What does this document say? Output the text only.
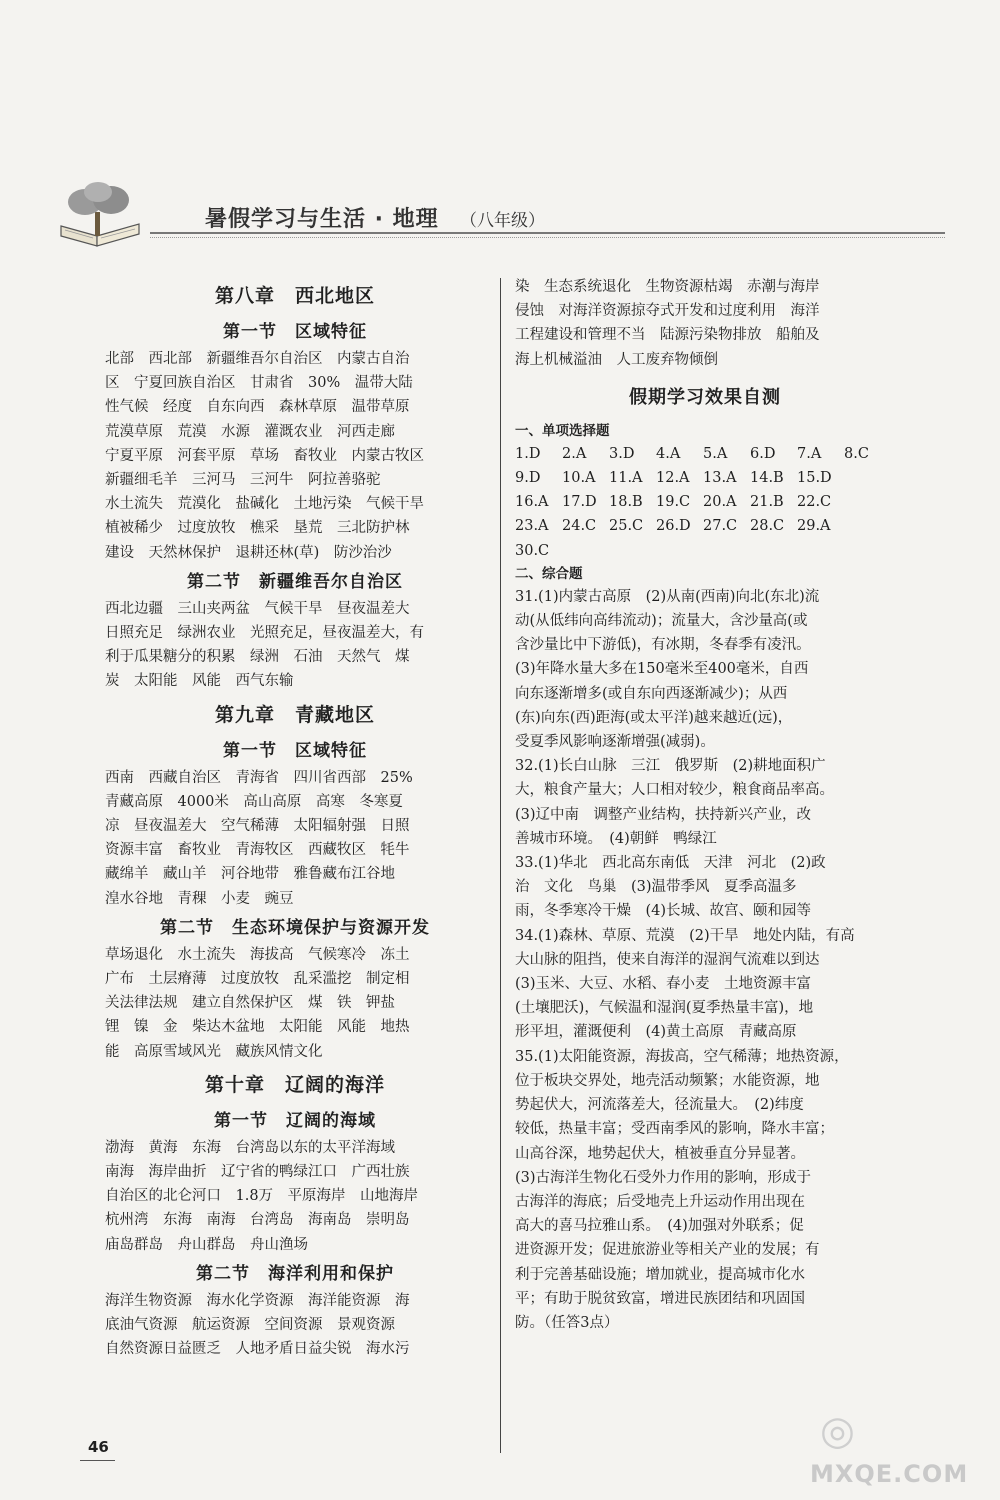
暑假学习与生活 · 地理 （八年级）
第八章　西北地区
第一节　区域特征
北部　西北部　新疆维吾尔自治区　内蒙古自治
区　宁夏回族自治区　甘肃省　30%　温带大陆
性气候　经度　自东向西　森林草原　温带草原
荒漠草原　荒漠　水源　灌溉农业　河西走廊
宁夏平原　河套平原　草场　畜牧业　内蒙古牧区
新疆细毛羊　三河马　三河牛　阿拉善骆驼
水土流失　荒漠化　盐碱化　土地污染　气候干旱
植被稀少　过度放牧　樵采　垦荒　三北防护林
建设　天然林保护　退耕还林(草)　防沙治沙
第二节　新疆维吾尔自治区
西北边疆　三山夹两盆　气候干旱　昼夜温差大
日照充足　绿洲农业　光照充足，昼夜温差大，有
利于瓜果糖分的积累　绿洲　石油　天然气　煤
炭　太阳能　风能　西气东输
第九章　青藏地区
第一节　区域特征
西南　西藏自治区　青海省　四川省西部　25%
青藏高原　4000米　高山高原　高寒　冬寒夏
凉　昼夜温差大　空气稀薄　太阳辐射强　日照
资源丰富　畜牧业　青海牧区　西藏牧区　牦牛
藏绵羊　藏山羊　河谷地带　雅鲁藏布江谷地
湟水谷地　青稞　小麦　豌豆
第二节　生态环境保护与资源开发
草场退化　水土流失　海拔高　气候寒冷　冻土
广布　土层瘠薄　过度放牧　乱采滥挖　制定相
关法律法规　建立自然保护区　煤　铁　钾盐
锂　镍　金　柴达木盆地　太阳能　风能　地热
能　高原雪域风光　藏族风情文化
第十章　辽阔的海洋
第一节　辽阔的海域
渤海　黄海　东海　台湾岛以东的太平洋海域
南海　海岸曲折　辽宁省的鸭绿江口　广西壮族
自治区的北仑河口　1.8万　平原海岸　山地海岸
杭州湾　东海　南海　台湾岛　海南岛　崇明岛
庙岛群岛　舟山群岛　舟山渔场
第二节　海洋利用和保护
海洋生物资源　海水化学资源　海洋能资源　海
底油气资源　航运资源　空间资源　景观资源
自然资源日益匮乏　人地矛盾日益尖锐　海水污
染　生态系统退化　生物资源枯竭　赤潮与海岸
侵蚀　对海洋资源掠夺式开发和过度利用　海洋
工程建设和管理不当　陆源污染物排放　船舶及
海上机械溢油　人工废弃物倾倒
假期学习效果自测
一、单项选择题
1.D	2.A	3.D	4.A	5.A	6.D	7.A	8.C
9.D	10.A 11.A 12.A 13.A 14.B 15.D
16.A 17.D 18.B 19.C 20.A 21.B 22.C
23.A 24.C 25.C 26.D 27.C 28.C 29.A
30.C
二、综合题
31.(1)内蒙古高原　(2)从南(西南)向北(东北)流
动(从低纬向高纬流动)；流量大，含沙量高(或
含沙量比中下游低)，有冰期，冬春季有凌汛。
(3)年降水量大多在150毫米至400毫米，自西
向东逐渐增多(或自东向西逐渐减少)；从西
(东)向东(西)距海(或太平洋)越来越近(远)，
受夏季风影响逐渐增强(减弱)。
32.(1)长白山脉　三江　俄罗斯　(2)耕地面积广
大，粮食产量大；人口相对较少，粮食商品率高。
(3)辽中南　调整产业结构，扶持新兴产业，改
善城市环境。　(4)朝鲜　鸭绿江
33.(1)华北　西北高东南低　天津　河北　(2)政
治　文化　鸟巢　(3)温带季风　夏季高温多
雨，冬季寒冷干燥　(4)长城、故宫、颐和园等
34.(1)森林、草原、荒漠　(2)干旱　地处内陆，有高
大山脉的阻挡，使来自海洋的湿润气流难以到达
(3)玉米、大豆、水稻、春小麦　土地资源丰富
(土壤肥沃)，气候温和湿润(夏季热量丰富)，地
形平坦，灌溉便利　(4)黄土高原　青藏高原
35.(1)太阳能资源，海拔高，空气稀薄；地热资源，
位于板块交界处，地壳活动频繁；水能资源，地
势起伏大，河流落差大，径流量大。　(2)纬度
较低，热量丰富；受西南季风的影响，降水丰富；
山高谷深，地势起伏大，植被垂直分异显著。
(3)古海洋生物化石受外力作用的影响，形成于
古海洋的海底；后受地壳上升运动作用出现在
高大的喜马拉雅山系。　(4)加强对外联系；促
进资源开发；促进旅游业等相关产业的发展；有
利于完善基础设施；增加就业，提高城市化水
平；有助于脱贫致富，增进民族团结和巩固国
防。（任答3点）
46	◎
MXQE.COM
